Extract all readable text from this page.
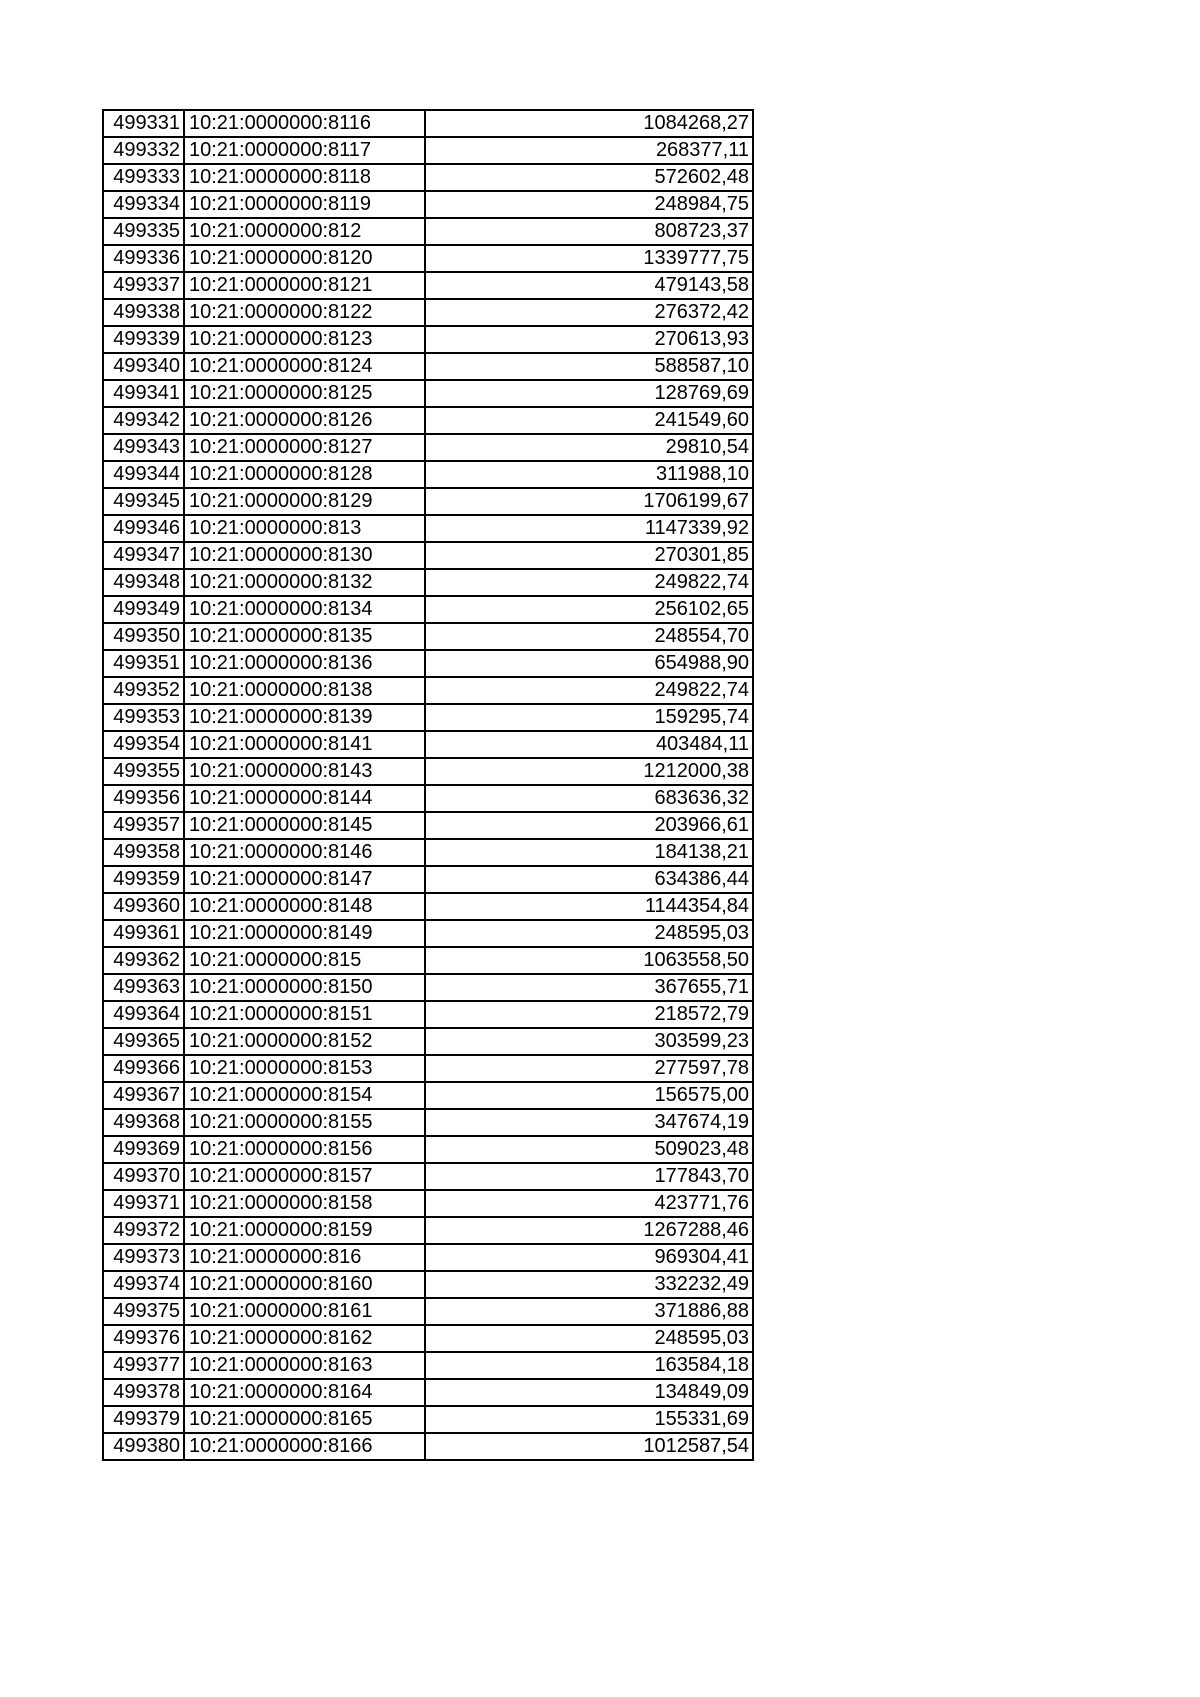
499331	10:21:0000000:8116	1084268,27
499332	10:21:0000000:8117	268377,11
499333	10:21:0000000:8118	572602,48
499334	10:21:0000000:8119	248984,75
499335	10:21:0000000:812	808723,37
499336	10:21:0000000:8120	1339777,75
499337	10:21:0000000:8121	479143,58
499338	10:21:0000000:8122	276372,42
499339	10:21:0000000:8123	270613,93
499340	10:21:0000000:8124	588587,10
499341	10:21:0000000:8125	128769,69
499342	10:21:0000000:8126	241549,60
499343	10:21:0000000:8127	29810,54
499344	10:21:0000000:8128	311988,10
499345	10:21:0000000:8129	1706199,67
499346	10:21:0000000:813	1147339,92
499347	10:21:0000000:8130	270301,85
499348	10:21:0000000:8132	249822,74
499349	10:21:0000000:8134	256102,65
499350	10:21:0000000:8135	248554,70
499351	10:21:0000000:8136	654988,90
499352	10:21:0000000:8138	249822,74
499353	10:21:0000000:8139	159295,74
499354	10:21:0000000:8141	403484,11
499355	10:21:0000000:8143	1212000,38
499356	10:21:0000000:8144	683636,32
499357	10:21:0000000:8145	203966,61
499358	10:21:0000000:8146	184138,21
499359	10:21:0000000:8147	634386,44
499360	10:21:0000000:8148	1144354,84
499361	10:21:0000000:8149	248595,03
499362	10:21:0000000:815	1063558,50
499363	10:21:0000000:8150	367655,71
499364	10:21:0000000:8151	218572,79
499365	10:21:0000000:8152	303599,23
499366	10:21:0000000:8153	277597,78
499367	10:21:0000000:8154	156575,00
499368	10:21:0000000:8155	347674,19
499369	10:21:0000000:8156	509023,48
499370	10:21:0000000:8157	177843,70
499371	10:21:0000000:8158	423771,76
499372	10:21:0000000:8159	1267288,46
499373	10:21:0000000:816	969304,41
499374	10:21:0000000:8160	332232,49
499375	10:21:0000000:8161	371886,88
499376	10:21:0000000:8162	248595,03
499377	10:21:0000000:8163	163584,18
499378	10:21:0000000:8164	134849,09
499379	10:21:0000000:8165	155331,69
499380	10:21:0000000:8166	1012587,54
